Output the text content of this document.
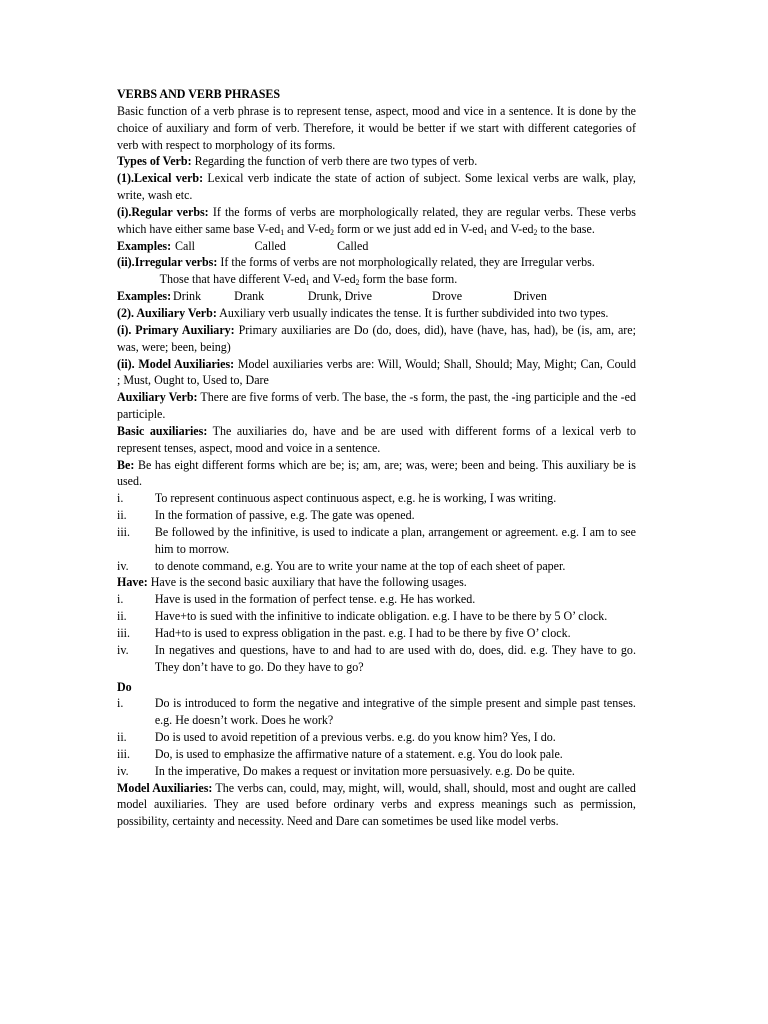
VERBS AND VERB PHRASES
Basic function of a verb phrase is to represent tense, aspect, mood and vice in a sentence. It is done by the choice of auxiliary and form of verb. Therefore, it would be better if we start with different categories of verb with respect to morphology of its forms.
Types of Verb: Regarding the function of verb there are two types of verb.
(1).Lexical verb: Lexical verb indicate the state of action of subject. Some lexical verbs are walk, play, write, wash etc.
(i).Regular verbs: If the forms of verbs are morphologically related, they are regular verbs. These verbs which have either same base $V-ed_1$ and $V-ed_2$ form or we just add ed in $V-ed_1$ and $V-ed_2$ to the base.
Examples: Call	Called	Called
(ii).Irregular verbs: If the forms of verbs are not morphologically related, they are Irregular verbs.
Those that have different $V-ed_1$ and $V-ed_2$ form the base form.
Examples: Drink	Drank	Drunk, Drive	Drove	Driven
(2). Auxiliary Verb: Auxiliary verb usually indicates the tense. It is further subdivided into two types.
(i). Primary Auxiliary: Primary auxiliaries are Do (do, does, did), have (have, has, had), be (is, am, are; was, were; been, being)
(ii). Model Auxiliaries: Model auxiliaries verbs are: Will, Would; Shall, Should; May, Might; Can, Could     ; Must, Ought to, Used to, Dare
Auxiliary Verb: There are five forms of verb. The base, the -s form, the past, the -ing participle and the -ed participle.
Basic auxiliaries: The auxiliaries do, have and be are used with different forms of a lexical verb to represent tenses, aspect, mood and voice in a sentence.
Be: Be has eight different forms which are be; is; am, are; was, were; been and being. This auxiliary be is used.
i.	To represent continuous aspect continuous aspect, e.g. he is working, I was writing.
ii.	In the formation of passive, e.g. The gate was opened.
iii.	Be followed by the infinitive, is used to indicate a plan, arrangement or agreement. e.g. I am to see him to morrow.
iv.	to denote command, e.g. You are to write your name at the top of each sheet of paper.
Have: Have is the second basic auxiliary that have the following usages.
i.	Have is used in the formation of perfect tense. e.g. He has worked.
ii.	Have+to is sued with the infinitive to indicate obligation. e.g. I have to be there by 5 O’ clock.
iii.	Had+to is used to express obligation in the past. e.g. I had to be there by five O’ clock.
iv.	In negatives and questions, have to and had to are used with do, does, did. e.g. They have to go. They don’t have to go. Do they have to go?
Do
i.	Do is introduced to form the negative and integrative of the simple present and simple past tenses. e.g. He doesn’t work. Does he work?
ii.	Do is used to avoid repetition of a previous verbs. e.g. do you know him? Yes, I do.
iii.	Do, is used to emphasize the affirmative nature of a statement. e.g. You do look pale.
iv.	In the imperative, Do makes a request or invitation more persuasively. e.g. Do be quite.
Model Auxiliaries: The verbs can, could, may, might, will, would, shall, should, most and ought are called model auxiliaries. They are used before ordinary verbs and express meanings such as permission, possibility, certainty and necessity. Need and Dare can sometimes be used like model verbs.
